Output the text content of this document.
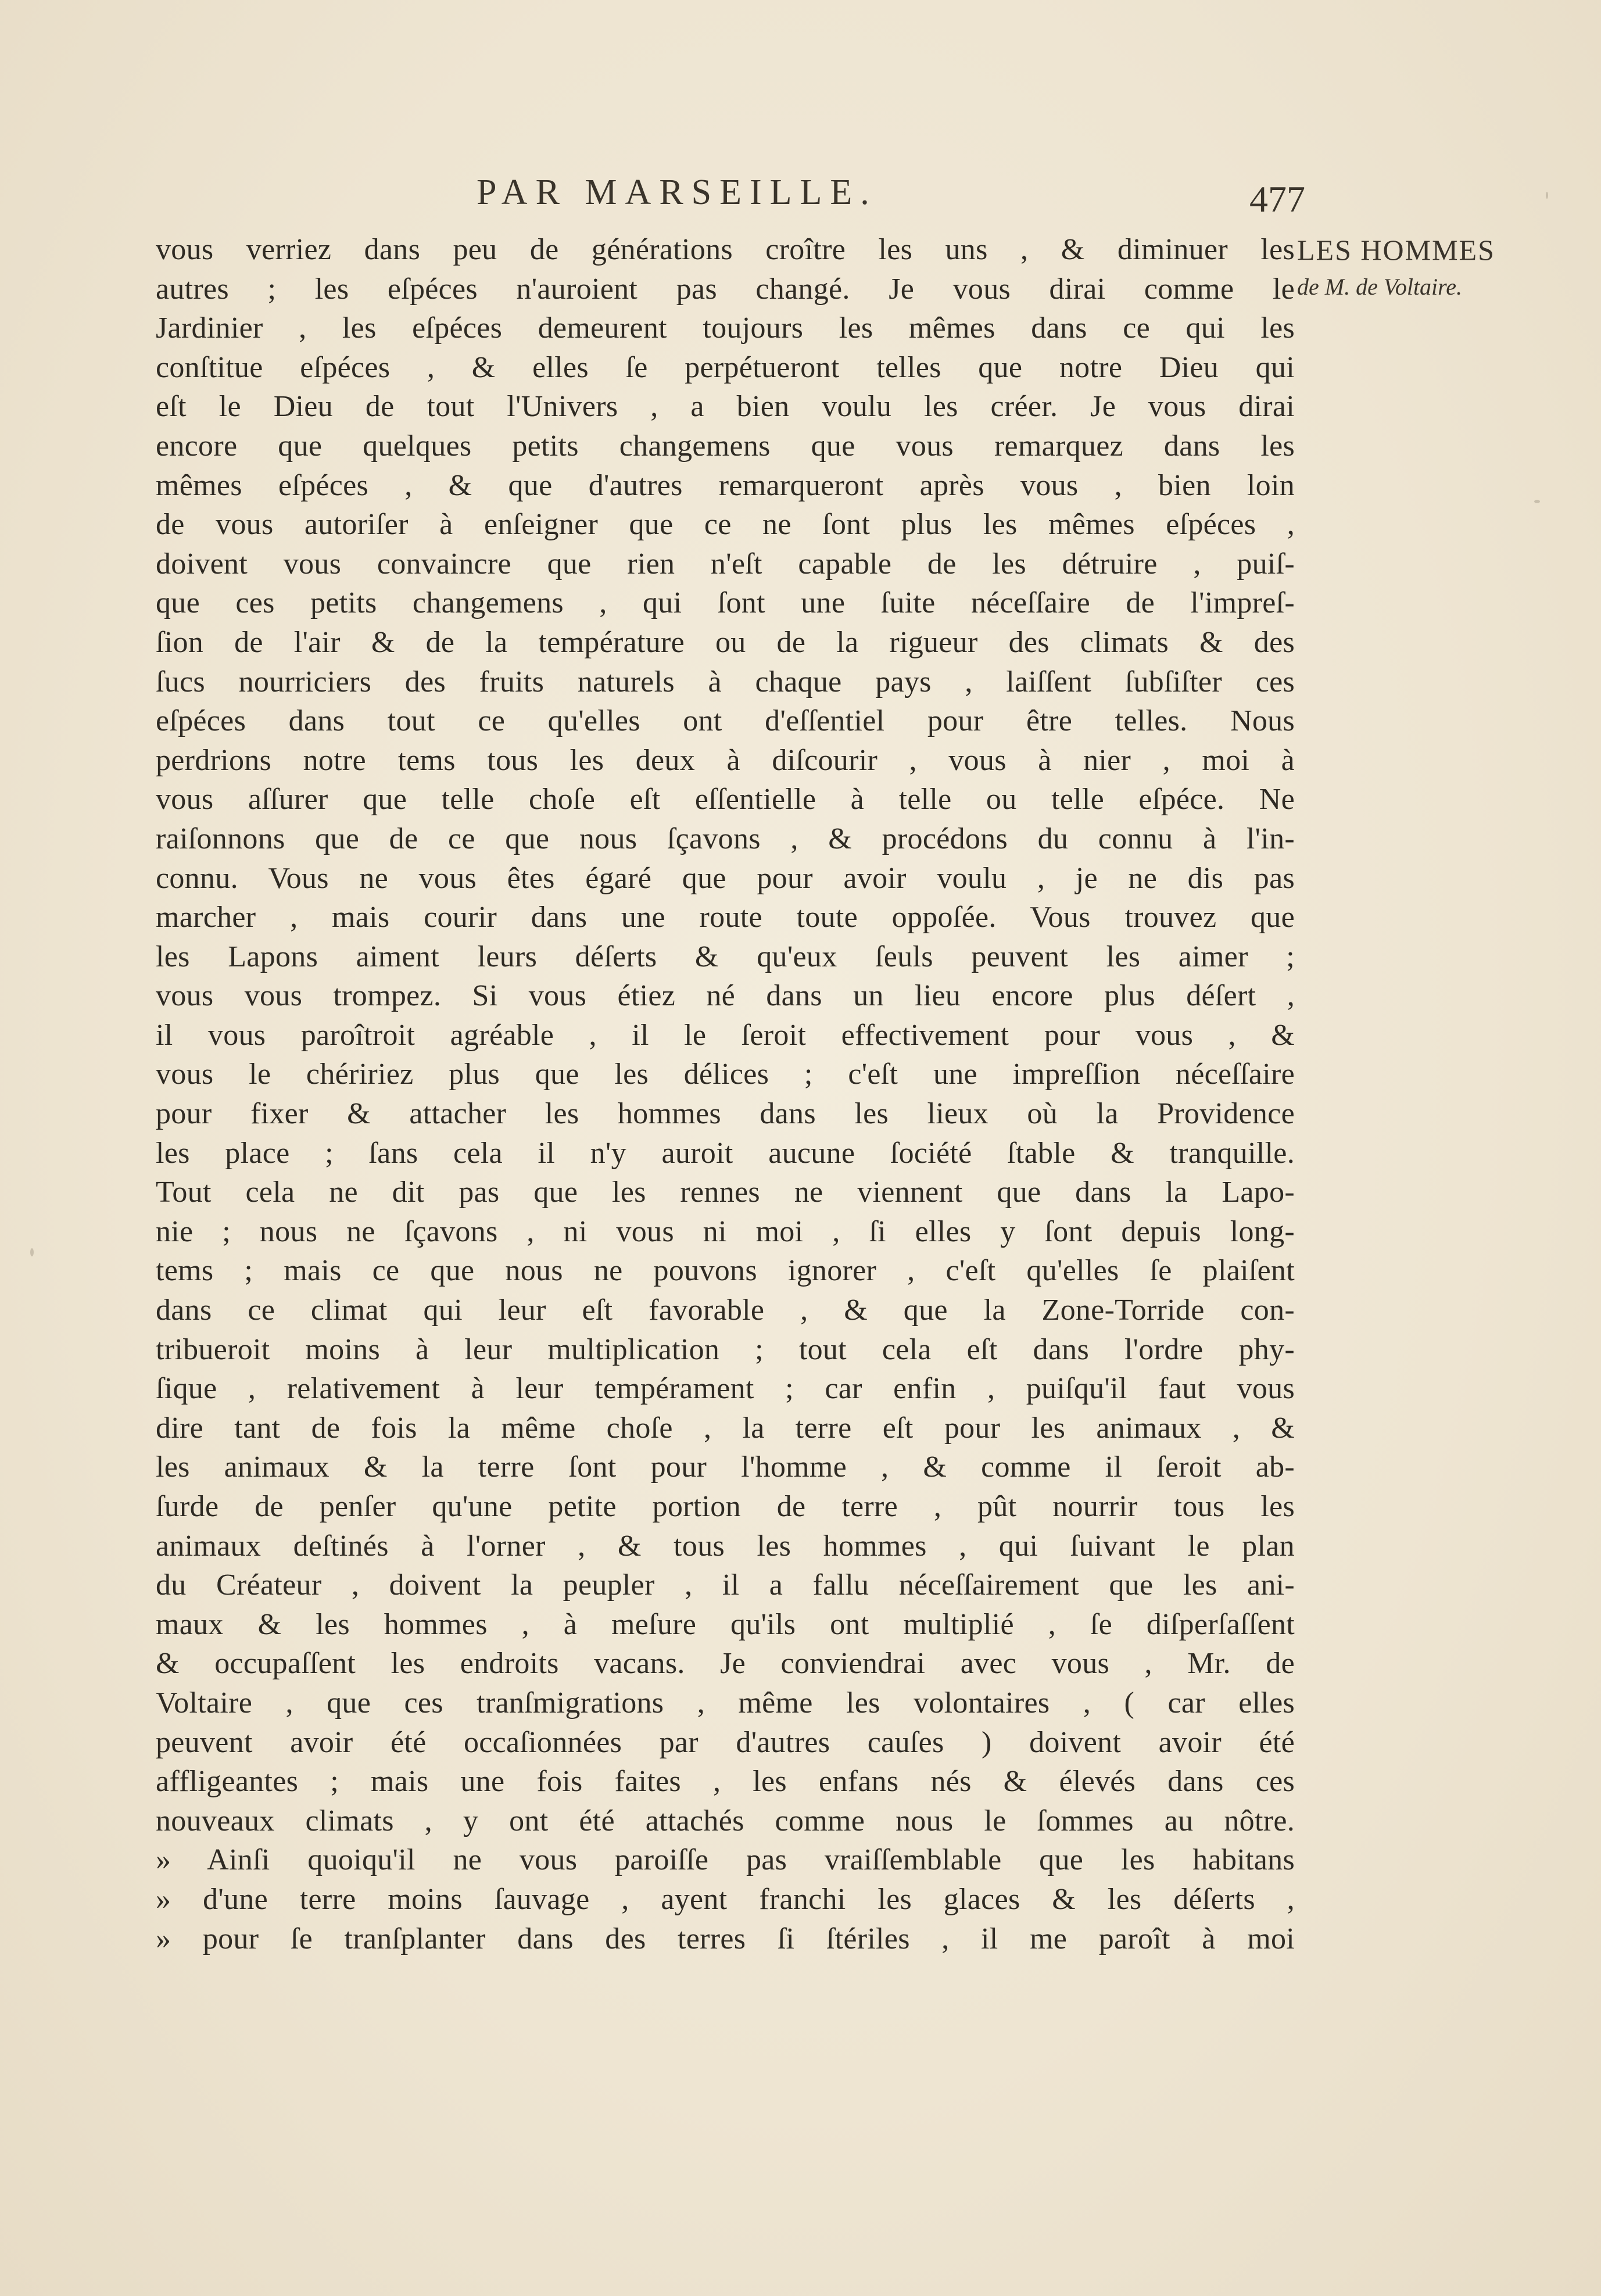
PAR MARSEILLE.	477
LES HOMMES
de M. de Voltaire.
vous verriez dans peu de générations croître les uns , & diminuer les
autres ; les eſpéces n'auroient pas changé. Je vous dirai comme le
Jardinier , les eſpéces demeurent toujours les mêmes dans ce qui les
conſtitue eſpéces , & elles ſe perpétueront telles que notre Dieu qui
eſt le Dieu de tout l'Univers , a bien voulu les créer. Je vous dirai
encore que quelques petits changemens que vous remarquez dans les
mêmes eſpéces , & que d'autres remarqueront après vous , bien loin
de vous autoriſer à enſeigner que ce ne ſont plus les mêmes eſpéces ,
doivent vous convaincre que rien n'eſt capable de les détruire , puiſ-
que ces petits changemens , qui ſont une ſuite néceſſaire de l'impreſ-
ſion de l'air & de la température ou de la rigueur des climats & des
ſucs nourriciers des fruits naturels à chaque pays , laiſſent ſubſiſter ces
eſpéces dans tout ce qu'elles ont d'eſſentiel pour être telles. Nous
perdrions notre tems tous les deux à diſcourir , vous à nier , moi à
vous aſſurer que telle choſe eſt eſſentielle à telle ou telle eſpéce. Ne
raiſonnons que de ce que nous ſçavons , & procédons du connu à l'in-
connu. Vous ne vous êtes égaré que pour avoir voulu , je ne dis pas
marcher , mais courir dans une route toute oppoſée. Vous trouvez que
les Lapons aiment leurs déſerts & qu'eux ſeuls peuvent les aimer ;
vous vous trompez. Si vous étiez né dans un lieu encore plus déſert ,
il vous paroîtroit agréable , il le ſeroit effectivement pour vous , &
vous le chéririez plus que les délices ; c'eſt une impreſſion néceſſaire
pour fixer & attacher les hommes dans les lieux où la Providence
les place ; ſans cela il n'y auroit aucune ſociété ſtable & tranquille.
Tout cela ne dit pas que les rennes ne viennent que dans la Lapo-
nie ; nous ne ſçavons , ni vous ni moi , ſi elles y ſont depuis long-
tems ; mais ce que nous ne pouvons ignorer , c'eſt qu'elles ſe plaiſent
dans ce climat qui leur eſt favorable , & que la Zone-Torride con-
tribueroit moins à leur multiplication ; tout cela eſt dans l'ordre phy-
ſique , relativement à leur tempérament ; car enfin , puiſqu'il faut vous
dire tant de fois la même choſe , la terre eſt pour les animaux , &
les animaux & la terre ſont pour l'homme , & comme il ſeroit ab-
ſurde de penſer qu'une petite portion de terre , pût nourrir tous les
animaux deſtinés à l'orner , & tous les hommes , qui ſuivant le plan
du Créateur , doivent la peupler , il a fallu néceſſairement que les ani-
maux & les hommes , à meſure qu'ils ont multiplié , ſe diſperſaſſent
& occupaſſent les endroits vacans. Je conviendrai avec vous , Mr. de
Voltaire , que ces tranſmigrations , même les volontaires , ( car elles
peuvent avoir été occaſionnées par d'autres cauſes ) doivent avoir été
affligeantes ; mais une fois faites , les enfans nés & élevés dans ces
nouveaux climats , y ont été attachés comme nous le ſommes au nôtre.
» Ainſi quoiqu'il ne vous paroiſſe pas vraiſſemblable que les habitans
» d'une terre moins ſauvage , ayent franchi les glaces & les déſerts ,
» pour ſe tranſplanter dans des terres ſi ſtériles , il me paroît à moi
